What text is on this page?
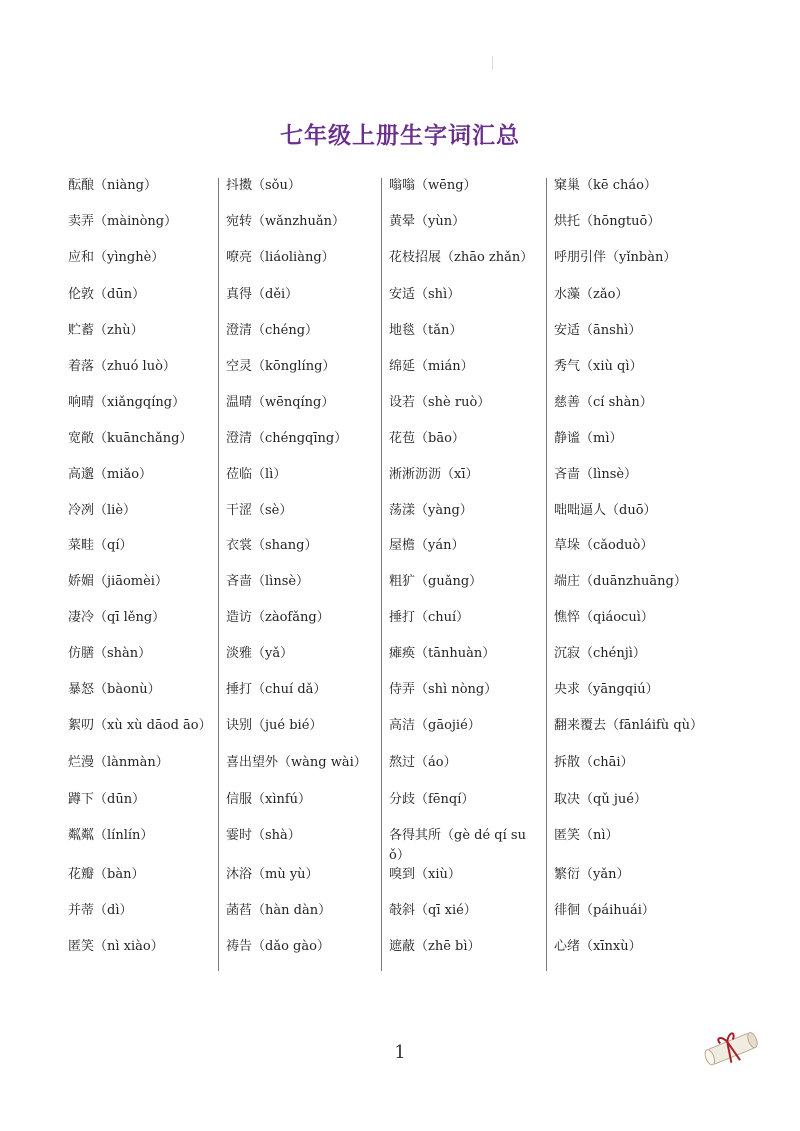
七年级上册生字词汇总
酝酿（niàng）
卖弄（màinòng）
应和（yìnghè）
伦敦（dūn）
贮蓄（zhù）
着落（zhuó luò）
响晴（xiǎngqíng）
宽敞（kuānchǎng）
高邈（miǎo）
冷冽（liè）
菜畦（qí）
娇媚（jiāomèi）
凄冷（qī lěng）
仿膳（shàn）
暴怒（bàonù）
絮叨（xù xù dāod āo）
烂漫（lànmàn）
蹲下（dūn）
粼粼（línlín）
花瓣（bàn）
并蒂（dì）
匿笑（nì xiào）
抖擞（sǒu）
宛转（wǎnzhuǎn）
嘹亮（liáoliàng）
真得（děi）
澄清（chéng）
空灵（kōnglíng）
温晴（wēnqíng）
澄清（chéngqīng）
莅临（lì）
干涩（sè）
衣裳（shang）
吝啬（lìnsè）
造访（zàofǎng）
淡雅（yǎ）
捶打（chuí dǎ）
诀别（jué bié）
喜出望外（wàng wài）
信服（xìnfú）
霎时（shà）
沐浴（mù yù）
菡萏（hàn dàn）
祷告（dǎo gào）
嗡嗡（wēng）
黄晕（yùn）
花枝招展（zhāo zhǎn）
安适（shì）
地毯（tǎn）
绵延（mián）
设若（shè ruò）
花苞（bāo）
淅淅沥沥（xī）
荡漾（yàng）
屋檐（yán）
粗犷（guǎng）
捶打（chuí）
瘫痪（tānhuàn）
侍弄（shì nòng）
高洁（gāojié）
熬过（áo）
分歧（fēnqí）
各得其所（gè dé qí suǒ）
嗅到（xiù）
攲斜（qī xié）
遮蔽（zhē bì）
窠巢（kē cháo）
烘托（hōngtuō）
呼朋引伴（yǐnbàn）
水藻（zǎo）
安适（ānshì）
秀气（xiù qì）
慈善（cí shàn）
静谧（mì）
吝啬（lìnsè）
咄咄逼人（duō）
草垛（cǎoduò）
端庄（duānzhuāng）
憔悴（qiáocuì）
沉寂（chénjì）
央求（yāngqiú）
翻来覆去（fānláifù qù）
拆散（chāi）
取决（qǔ jué）
匿笑（nì）
繁衍（yǎn）
徘徊（páihuái）
心绪（xīnxù）
1
